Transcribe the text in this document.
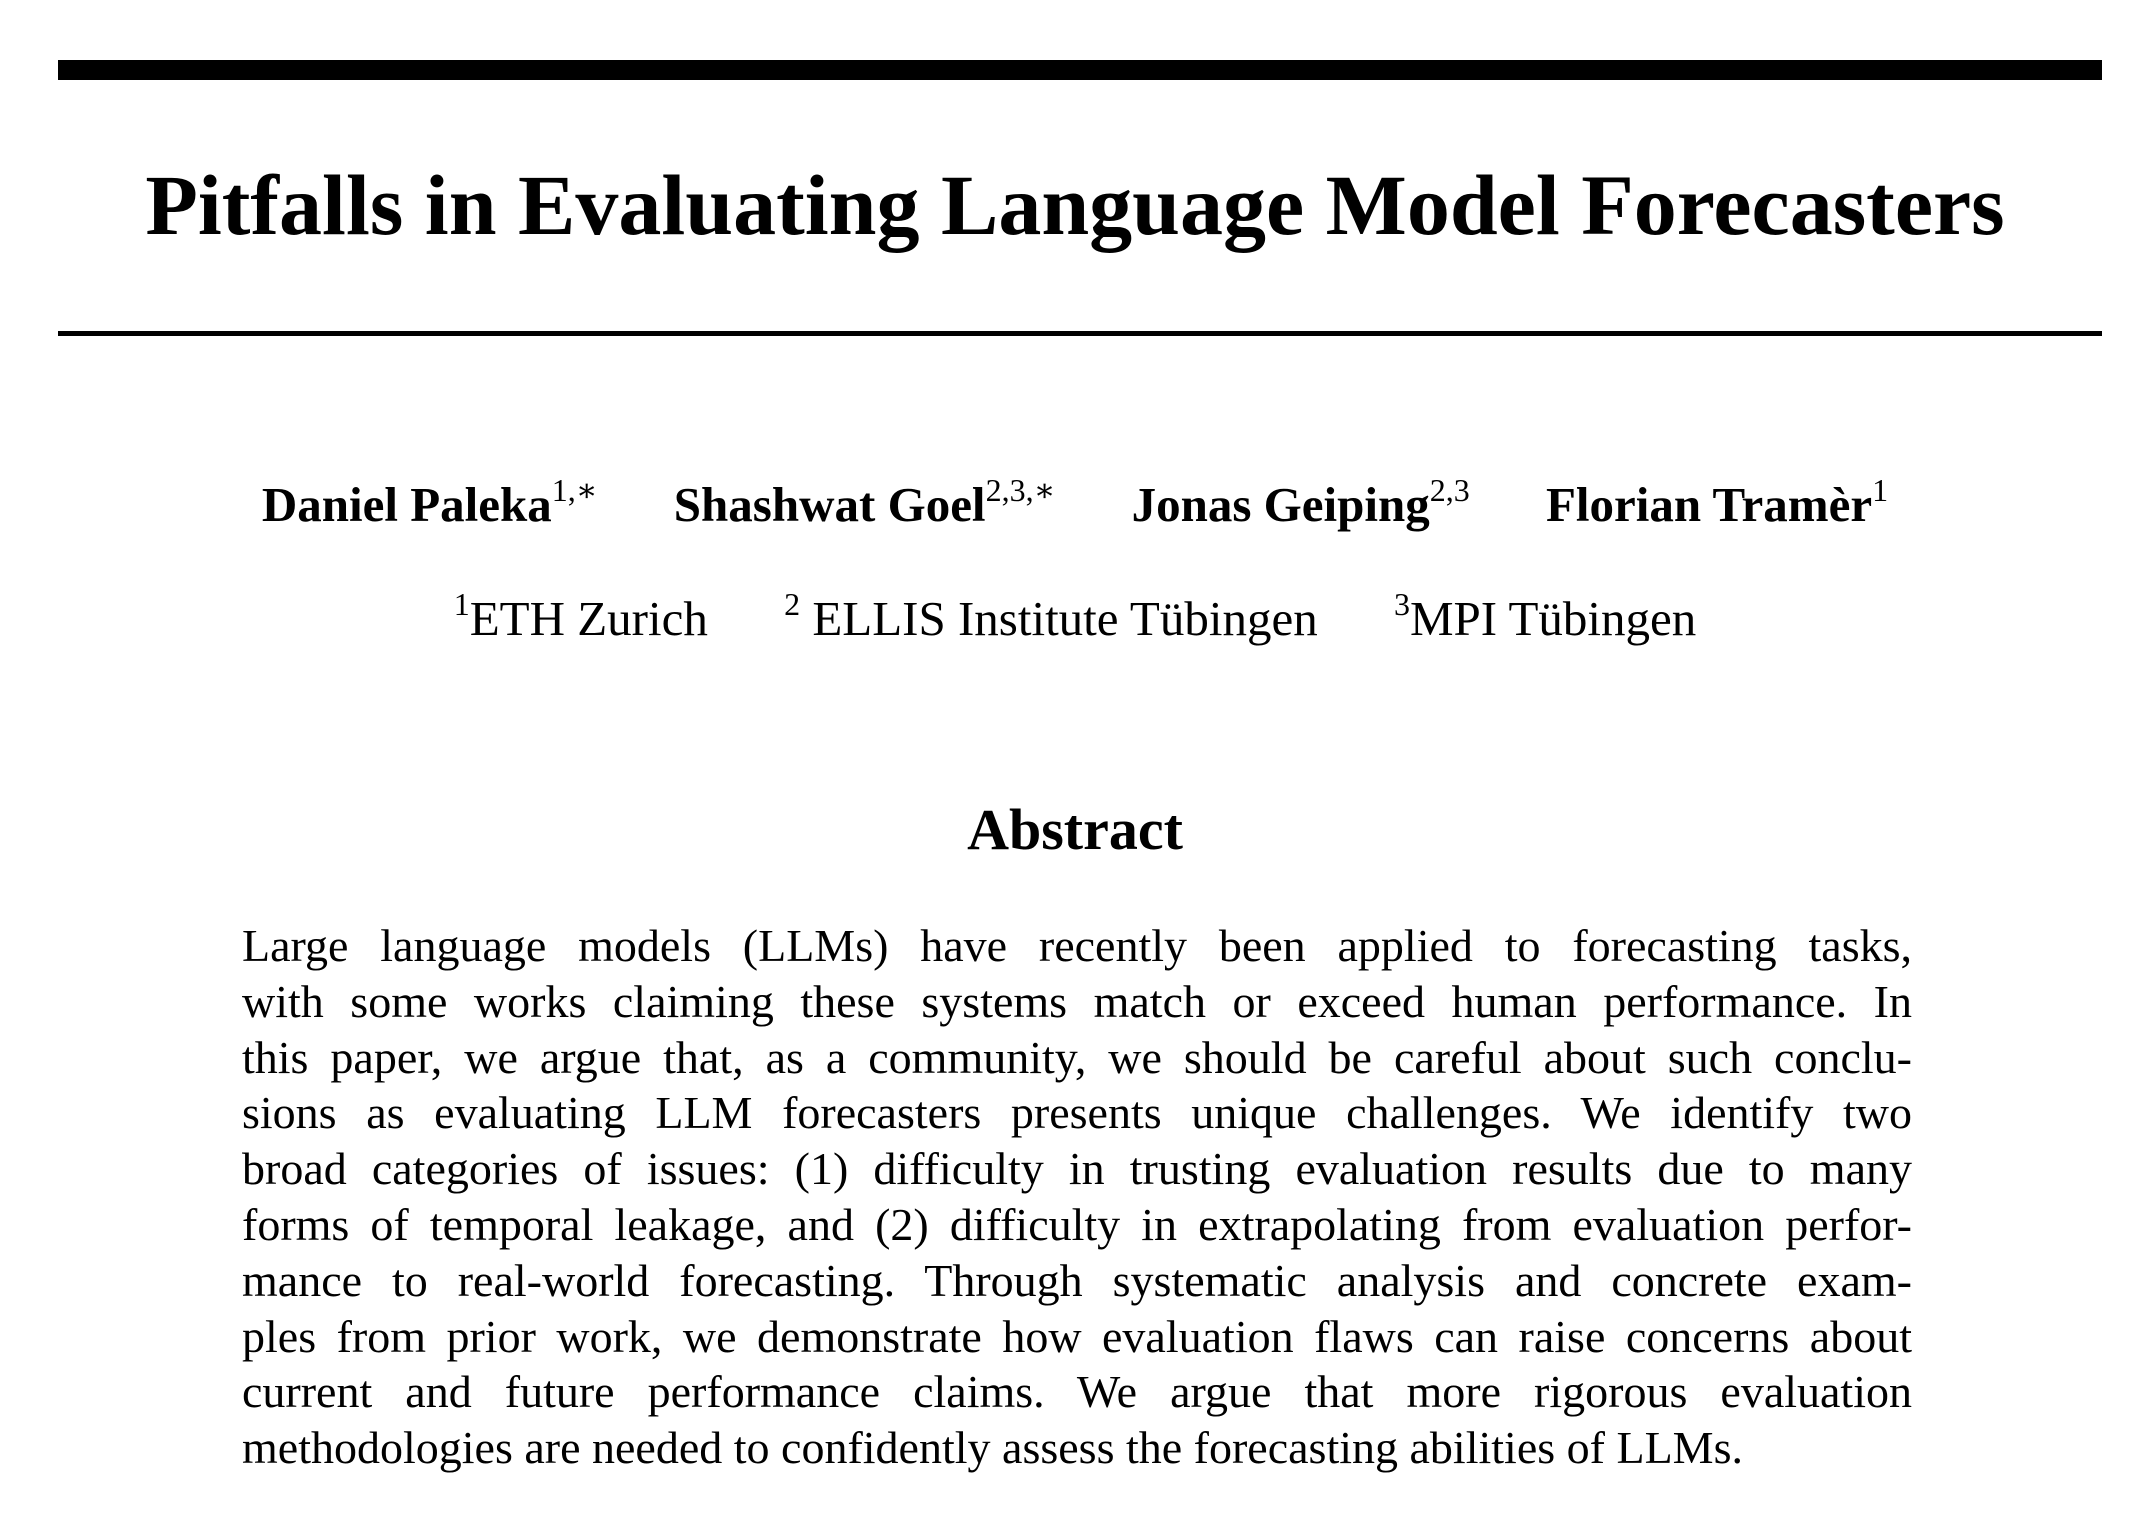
Pitfalls in Evaluating Language Model Forecasters
Daniel Paleka$^{1,∗}$ Shashwat Goel$^{2,3,∗}$ Jonas Geiping$^{2,3}$ Florian Tramèr$^1$
$^1$ETH Zurich $^2$ ELLIS Institute Tübingen $^3$MPI Tübingen
Abstract
Large language models (LLMs) have recently been applied to forecasting tasks,
with some works claiming these systems match or exceed human performance. In
this paper, we argue that, as a community, we should be careful about such conclu-
sions as evaluating LLM forecasters presents unique challenges. We identify two
broad categories of issues: (1) difficulty in trusting evaluation results due to many
forms of temporal leakage, and (2) difficulty in extrapolating from evaluation perfor-
mance to real-world forecasting. Through systematic analysis and concrete exam-
ples from prior work, we demonstrate how evaluation flaws can raise concerns about
current and future performance claims. We argue that more rigorous evaluation
methodologies are needed to confidently assess the forecasting abilities of LLMs.
